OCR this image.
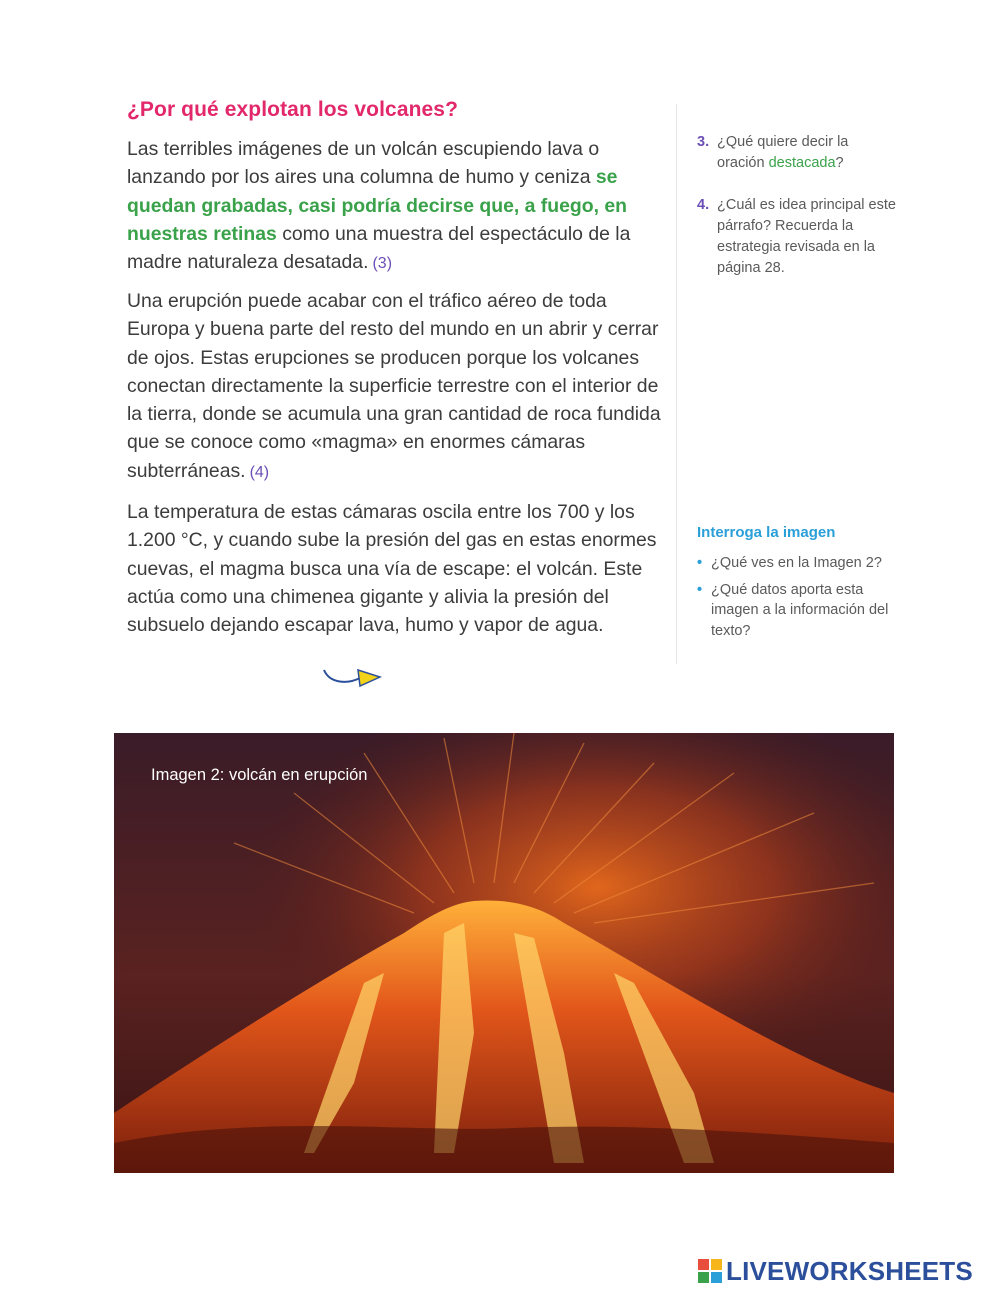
¿Por qué explotan los volcanes?

Las terribles imágenes de un volcán escupiendo lava o lanzando por los aires una columna de humo y ceniza se quedan grabadas, casi podría decirse que, a fuego, en nuestras retinas como una muestra del espectáculo de la madre naturaleza desatada. (3)

Una erupción puede acabar con el tráfico aéreo de toda Europa y buena parte del resto del mundo en un abrir y cerrar de ojos. Estas erupciones se producen porque los volcanes conectan directamente la superficie terrestre con el interior de la tierra, donde se acumula una gran cantidad de roca fundida que se conoce como «magma» en enormes cámaras subterráneas. (4)

La temperatura de estas cámaras oscila entre los 700 y los 1.200 °C, y cuando sube la presión del gas en estas enormes cuevas, el magma busca una vía de escape: el volcán. Este actúa como una chimenea gigante y alivia la presión del subsuelo dejando escapar lava, humo y vapor de agua.

3. ¿Qué quiere decir la oración destacada?
4. ¿Cuál es idea principal este párrafo? Recuerda la estrategia revisada en la página 28.
Interroga la imagen
• ¿Qué ves en la Imagen 2?
• ¿Qué datos aporta esta imagen a la información del texto?
Imagen 2: volcán en erupción
LIVEWORKSHEETS
